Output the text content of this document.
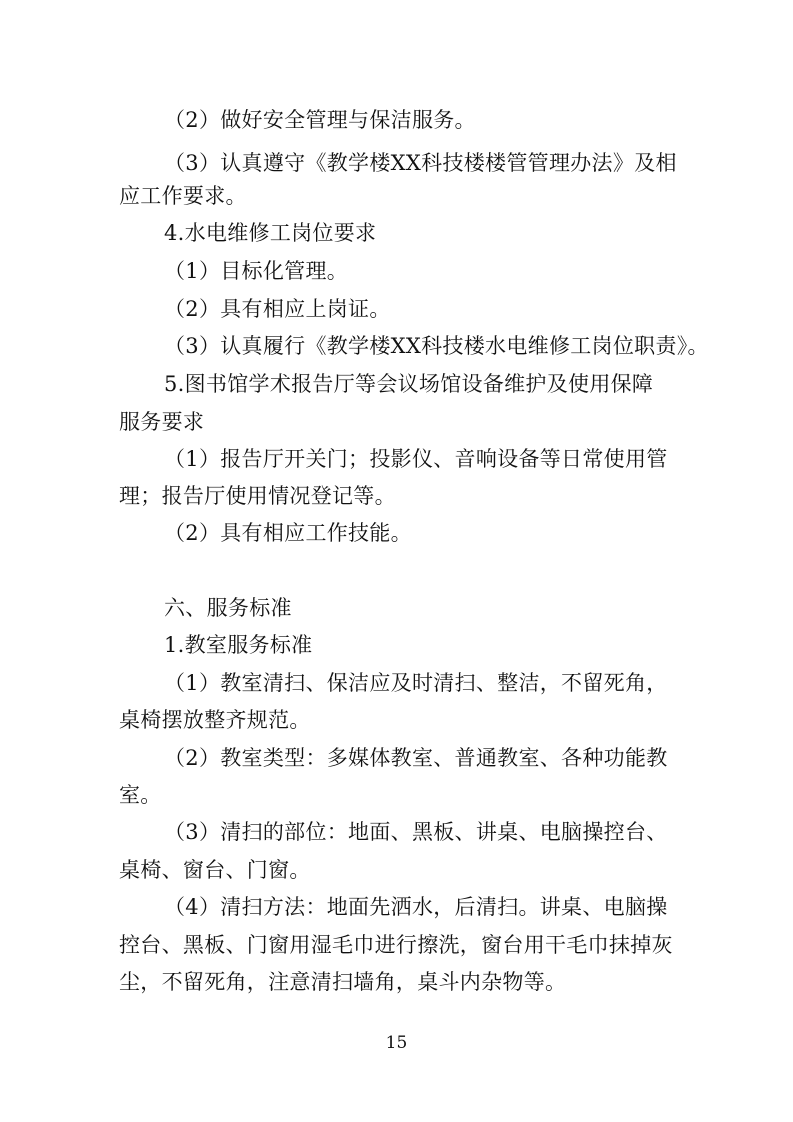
（2）做好安全管理与保洁服务。
（3）认真遵守《教学楼XX科技楼楼管管理办法》及相
应工作要求。
4.水电维修工岗位要求
（1）目标化管理。
（2）具有相应上岗证。
（3）认真履行《教学楼XX科技楼水电维修工岗位职责》。
5.图书馆学术报告厅等会议场馆设备维护及使用保障
服务要求
（1）报告厅开关门；投影仪、音响设备等日常使用管
理；报告厅使用情况登记等。
（2）具有相应工作技能。
六、服务标准
1.教室服务标准
（1）教室清扫、保洁应及时清扫、整洁，不留死角，
桌椅摆放整齐规范。
（2）教室类型：多媒体教室、普通教室、各种功能教
室。
（3）清扫的部位：地面、黑板、讲桌、电脑操控台、
桌椅、窗台、门窗。
（4）清扫方法：地面先洒水，后清扫。讲桌、电脑操
控台、黑板、门窗用湿毛巾进行擦洗，窗台用干毛巾抹掉灰
尘，不留死角，注意清扫墙角，桌斗内杂物等。
15
